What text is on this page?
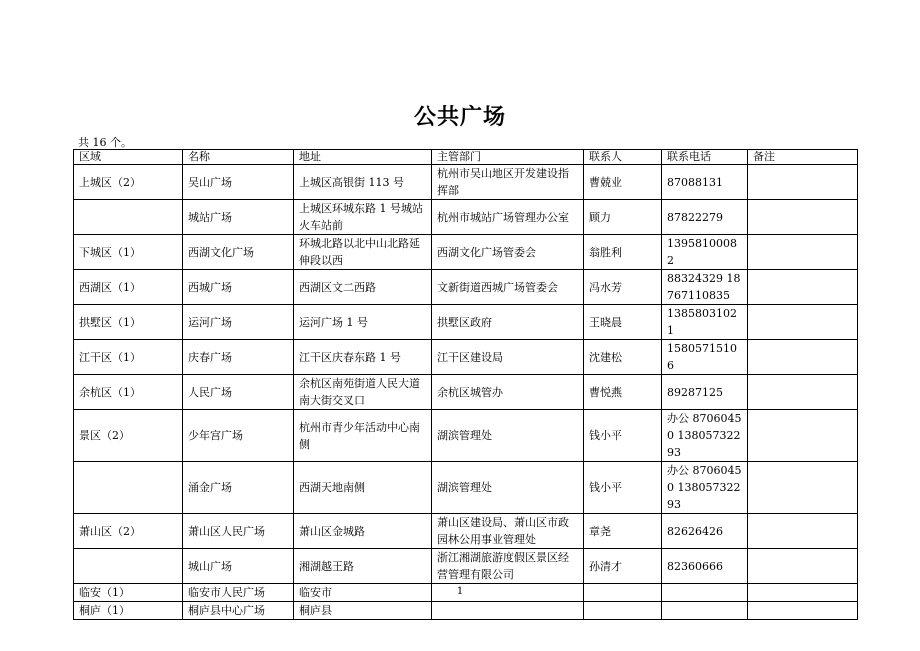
公共广场
共 16 个。
区域	名称	地址	主管部门	联系人	联系电话	备注
上城区（2）	吴山广场	上城区高银街 113 号	杭州市吴山地区开发建设指挥部	曹兢业	87088131	
	城站广场	上城区环城东路 1 号城站火车站前	杭州市城站广场管理办公室	顾力	87822279	
下城区（1）	西湖文化广场	环城北路以北中山北路延伸段以西	西湖文化广场管委会	翁胜利	13958100082	
西湖区（1）	西城广场	西湖区文二西路	文新街道西城广场管委会	冯水芳	88324329 18767110835	
拱墅区（1）	运河广场	运河广场 1 号	拱墅区政府	王晓晨	13858031021	
江干区（1）	庆春广场	江干区庆春东路 1 号	江干区建设局	沈建松	15805715106	
余杭区（1）	人民广场	余杭区南苑街道人民大道南大街交叉口	余杭区城管办	曹悦燕	89287125	
景区（2）	少年宫广场	杭州市青少年活动中心南侧	湖滨管理处	钱小平	办公 87060450 13805732293	
	涌金广场	西湖天地南侧	湖滨管理处	钱小平	办公 87060450 13805732293	
萧山区（2）	萧山区人民广场	萧山区金城路	萧山区建设局、萧山区市政园林公用事业管理处	章尧	82626426	
	城山广场	湘湖越王路	浙江湘湖旅游度假区景区经营管理有限公司	孙清才	82360666	
临安（1）	临安市人民广场	临安市				
桐庐（1）	桐庐县中心广场	桐庐县				
1
